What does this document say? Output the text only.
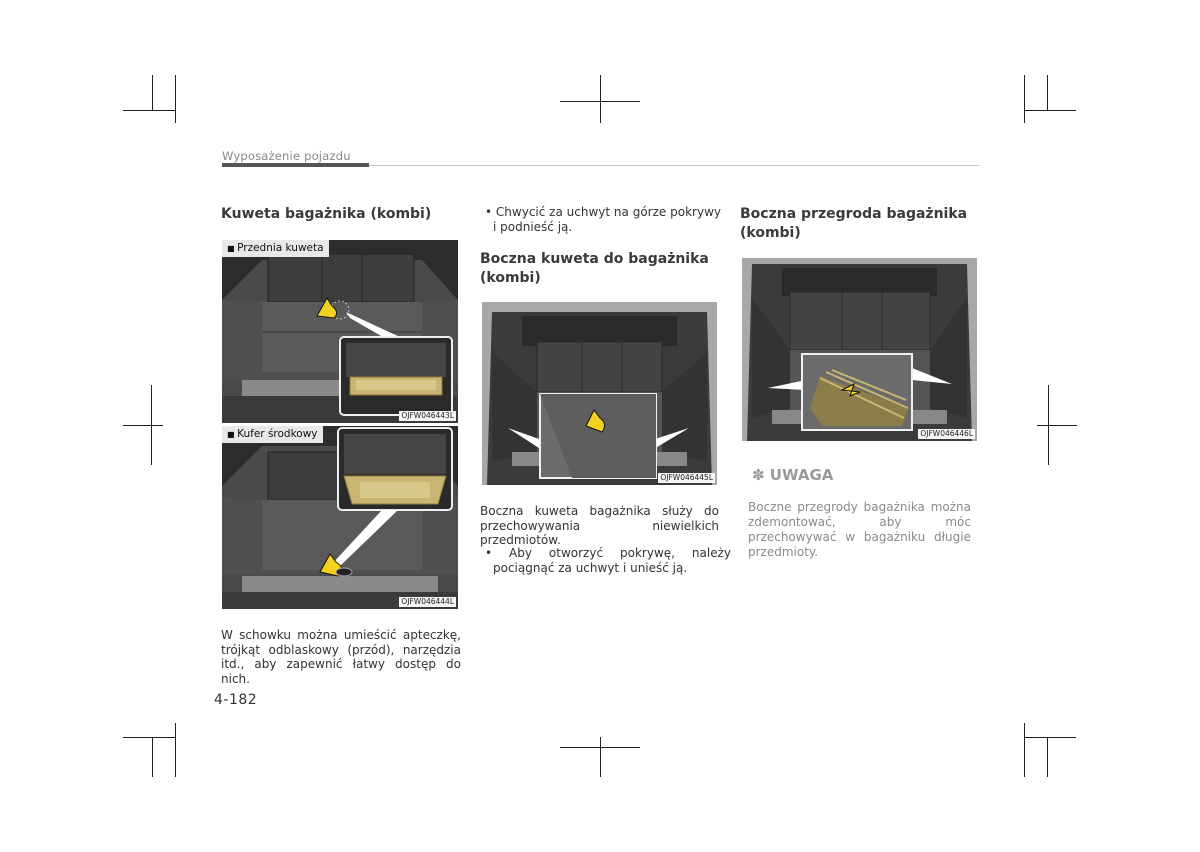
Wyposażenie pojazdu
Kuweta bagażnika (kombi)
■ Przednia kuweta
OJFW046443L
■ Kufer środkowy
OJFW046444L

W schowku można umieścić apteczkę, trójkąt odblaskowy (przód), narzędzia itd., aby zapewnić łatwy dostęp do nich.

• Chwycić za uchwyt na górze pokrywy i podnieść ją.

Boczna kuweta do bagażnika (kombi)
OJFW046445L

Boczna kuweta bagażnika służy do przechowywania niewielkich przedmiotów.

• Aby otworzyć pokrywę, należy pociągnąć za uchwyt i unieść ją.

Boczna przegroda bagażnika (kombi)
OJFW046446L
✽ UWAGA

Boczne przegrody bagażnika można zdemontować, aby móc przechowywać w bagażniku długie przedmioty.

4-182
